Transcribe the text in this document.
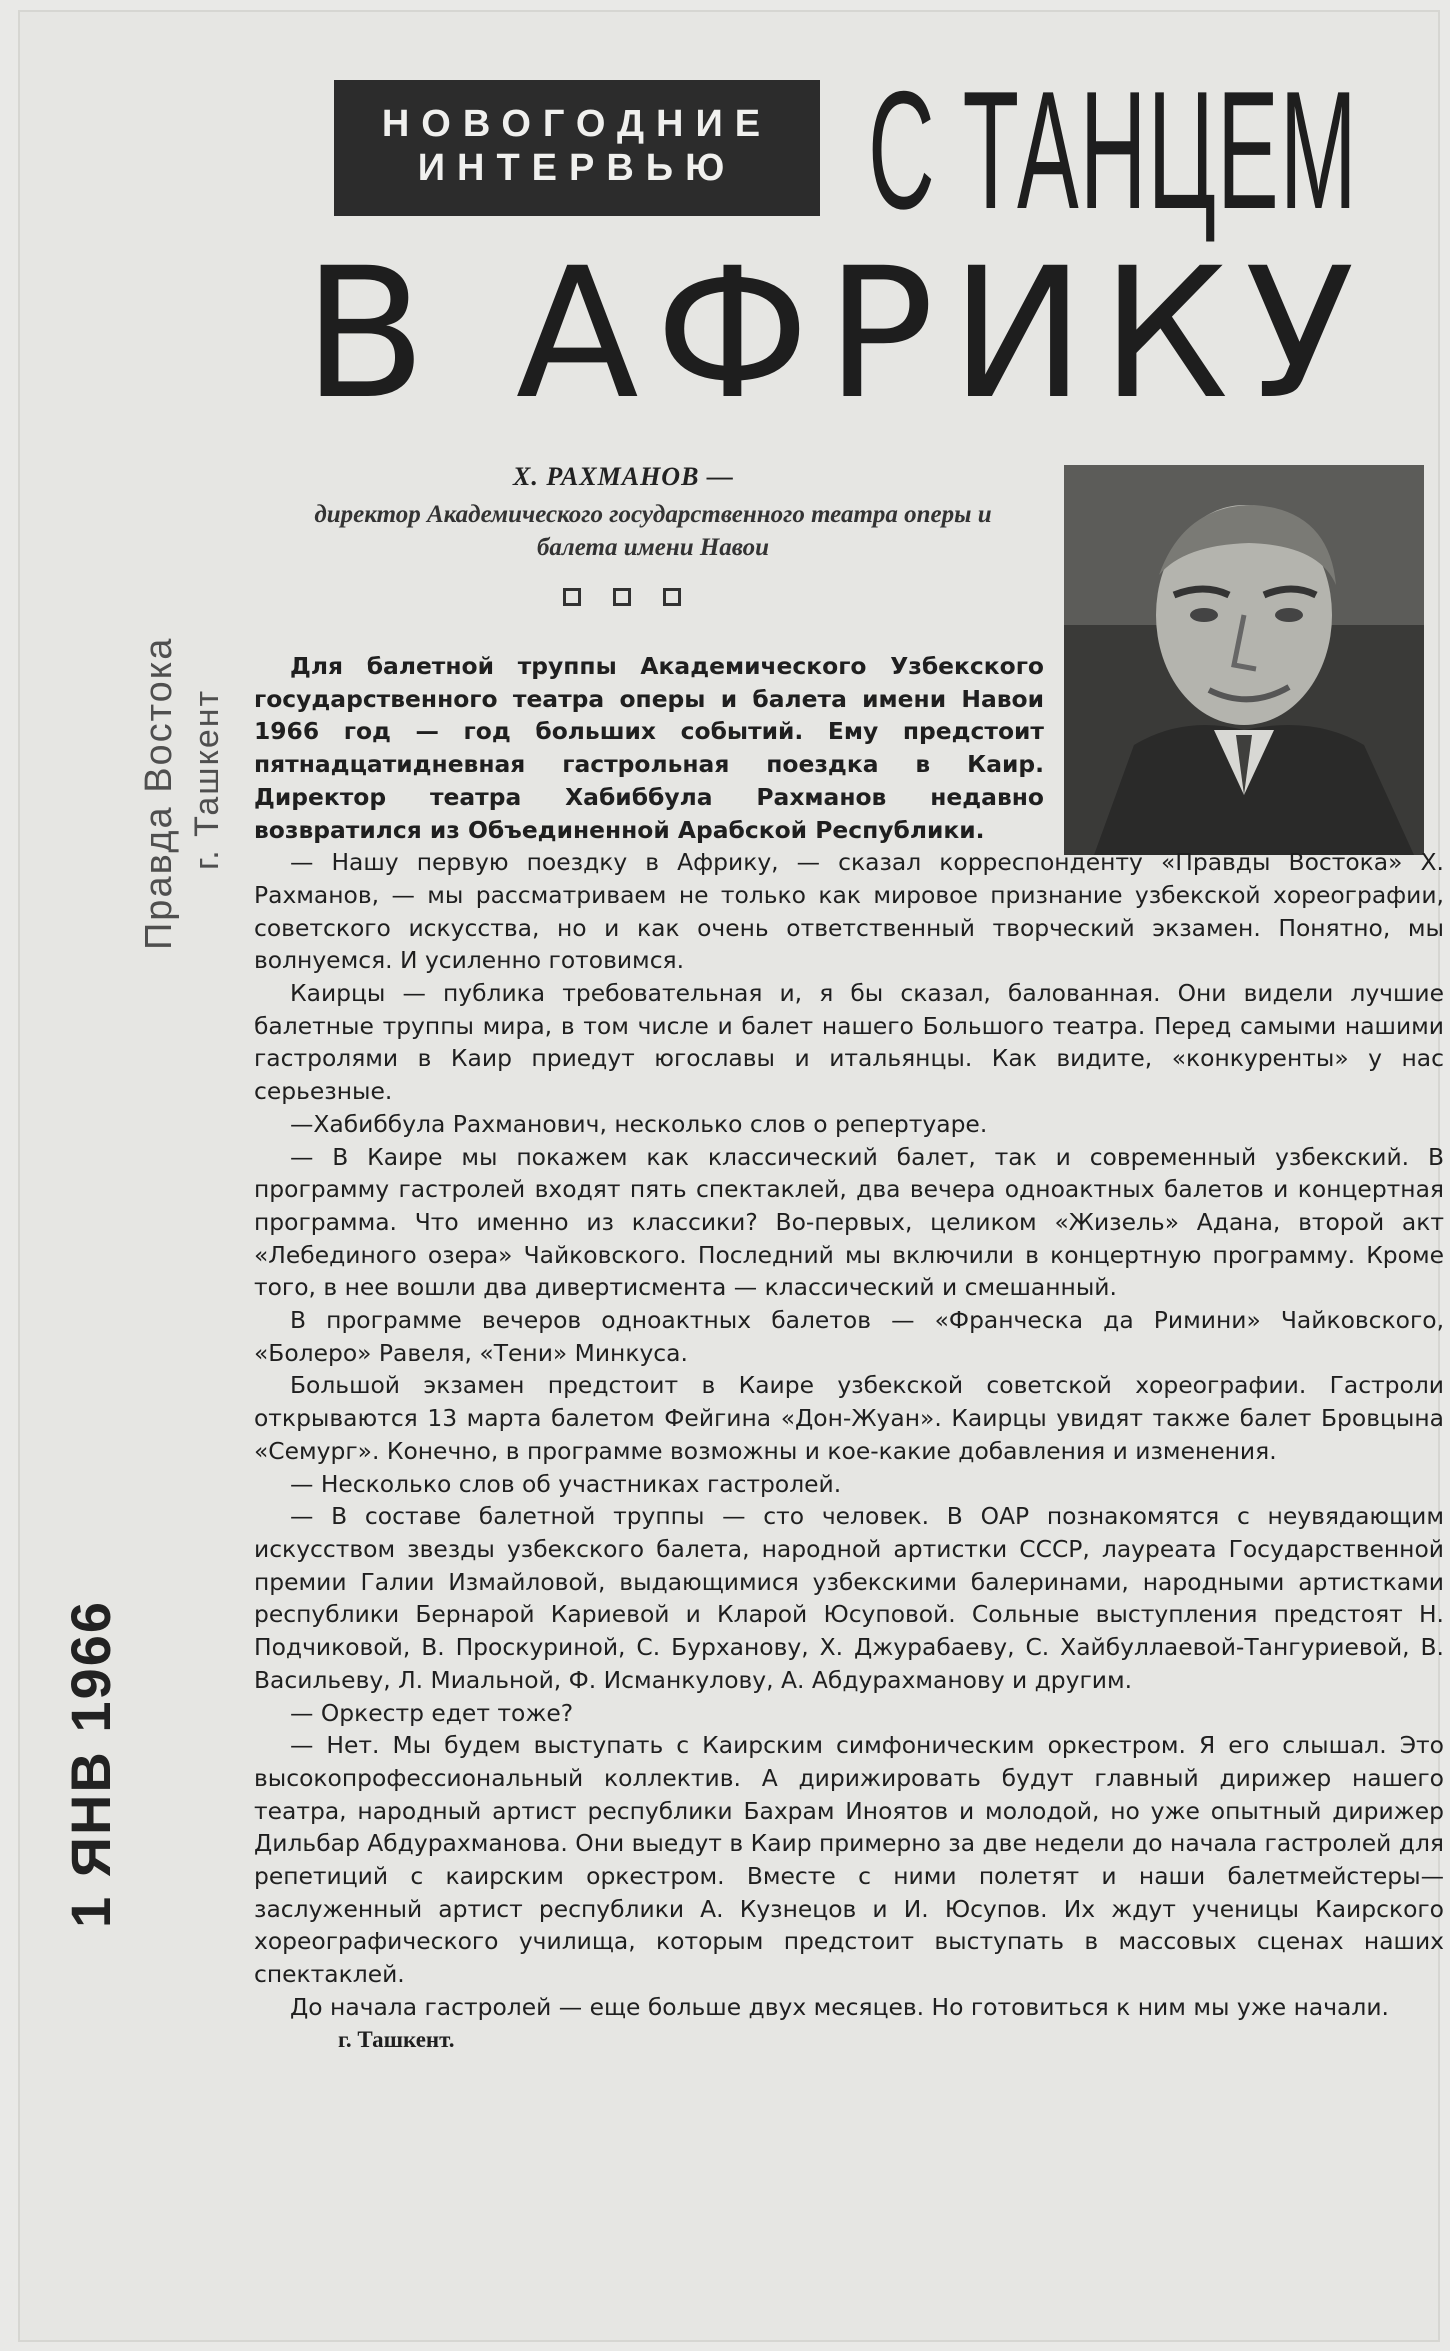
НОВОГОДНИЕ
ИНТЕРВЬЮ С ТАНЦЕМ
В АФРИКУ
Х. РАХМАНОВ —
директор Академического государственного театра оперы и балета имени Навои
Правда Востока г. Ташкент
1 ЯНВ 1966

Для балетной труппы Академического Узбекского государственного театра оперы и балета имени Навои 1966 год — год больших событий. Ему предстоит пятнадцатидневная гастрольная поездка в Каир. Директор театра Хабиббула Рахманов недавно возвратился из Объединенной Арабской Республики.

— Нашу первую поездку в Африку, — сказал корреспонденту «Правды Востока» Х. Рахманов, — мы рассматриваем не только как мировое признание узбекской хореографии, советского искусства, но и как очень ответственный творческий экзамен. Понятно, мы волнуемся. И усиленно готовимся.

Каирцы — публика требовательная и, я бы сказал, балованная. Они видели лучшие балетные труппы мира, в том числе и балет нашего Большого театра. Перед самыми нашими гастролями в Каир приедут югославы и итальянцы. Как видите, «конкуренты» у нас серьезные.

—Хабиббула Рахманович, несколько слов о репертуаре.

— В Каире мы покажем как классический балет, так и современный узбекский. В программу гастролей входят пять спектаклей, два вечера одноактных балетов и концертная программа. Что именно из классики? Во-первых, целиком «Жизель» Адана, второй акт «Лебединого озера» Чайковского. Последний мы включили в концертную программу. Кроме того, в нее вошли два дивертисмента — классический и смешанный.

В программе вечеров одноактных балетов — «Франческа да Римини» Чайковского, «Болеро» Равеля, «Тени» Минкуса.

Большой экзамен предстоит в Каире узбекской советской хореографии. Гастроли открываются 13 марта балетом Фейгина «Дон-Жуан». Каирцы увидят также балет Бровцына «Семург». Конечно, в программе возможны и кое-какие добавления и изменения.

— Несколько слов об участниках гастролей.

— В составе балетной труппы — сто человек. В ОАР познакомятся с неувядающим искусством звезды узбекского балета, народной артистки СССР, лауреата Государственной премии Галии Измайловой, выдающимися узбекскими балеринами, народными артистками республики Бернарой Кариевой и Кларой Юсуповой. Сольные выступления предстоят Н. Подчиковой, В. Проскуриной, С. Бурханову, Х. Джурабаеву, С. Хайбуллаевой-Тангуриевой, В. Васильеву, Л. Миальной, Ф. Исманкулову, А. Абдурахманову и другим.

— Оркестр едет тоже?

— Нет. Мы будем выступать с Каирским симфоническим оркестром. Я его слышал. Это высокопрофессиональный коллектив. А дирижировать будут главный дирижер нашего театра, народный артист республики Бахрам Иноятов и молодой, но уже опытный дирижер Дильбар Абдурахманова. Они выедут в Каир примерно за две недели до начала гастролей для репетиций с каирским оркестром. Вместе с ними полетят и наши балетмейстеры—заслуженный артист республики А. Кузнецов и И. Юсупов. Их ждут ученицы Каирского хореографического училища, которым предстоит выступать в массовых сценах наших спектаклей.

До начала гастролей — еще больше двух месяцев. Но готовиться к ним мы уже начали.

г. Ташкент.
